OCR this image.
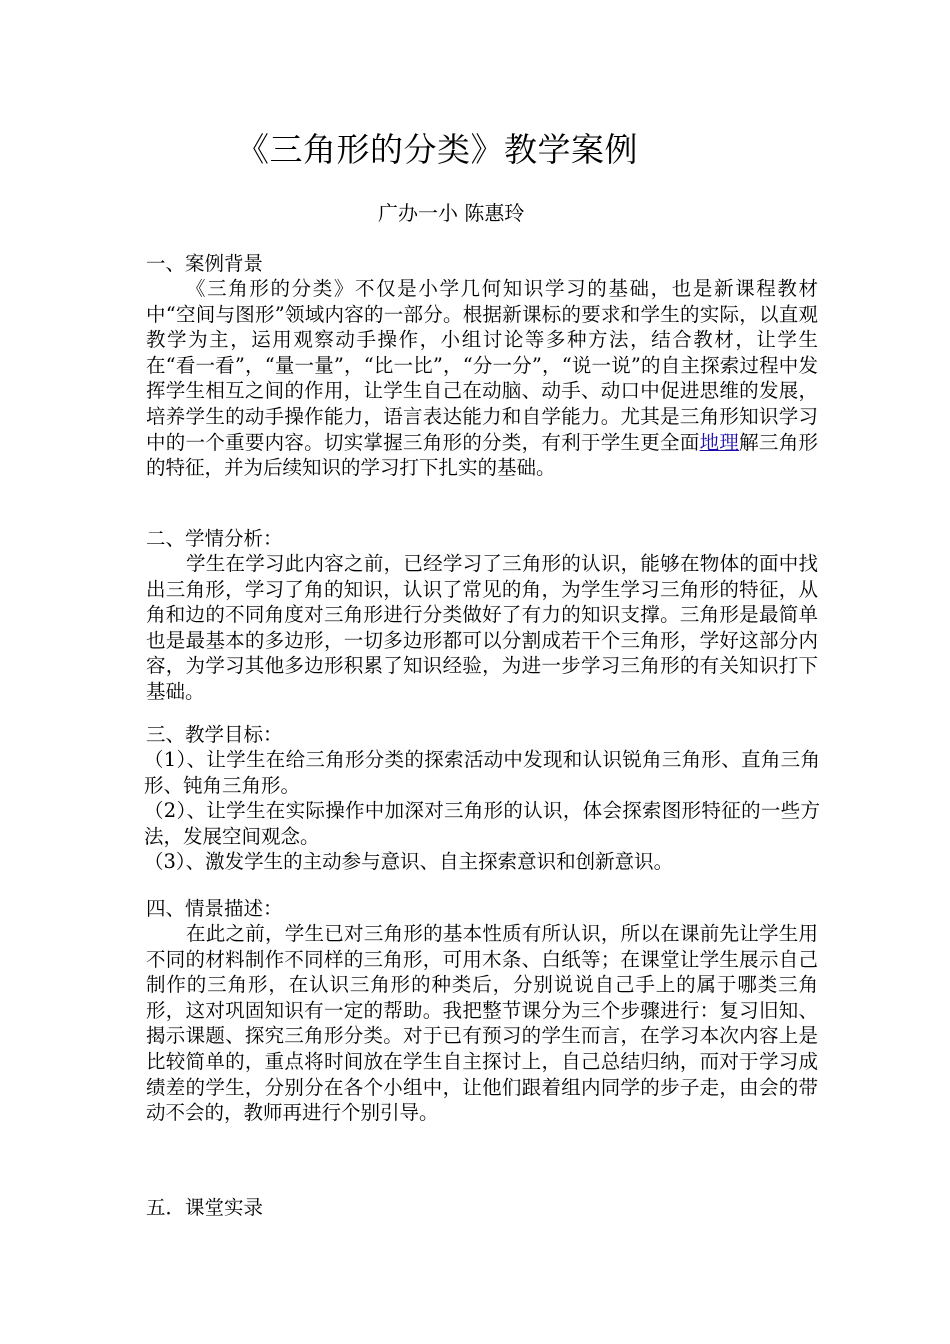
《三角形的分类》教学案例
广办一小 陈惠玲
一、案例背景

《三角形的分类》不仅是小学几何知识学习的基础，也是新课程教材中“空间与图形”领域内容的一部分。根据新课标的要求和学生的实际，以直观教学为主，运用观察动手操作，小组讨论等多种方法，结合教材，让学生在“看一看”，“量一量”，“比一比”，“分一分”，“说一说”的自主探索过程中发挥学生相互之间的作用，让学生自己在动脑、动手、动口中促进思维的发展，培养学生的动手操作能力，语言表达能力和自学能力。尤其是三角形知识学习中的一个重要内容。切实掌握三角形的分类，有利于学生更全面地理解三角形的特征，并为后续知识的学习打下扎实的基础。

二、学情分析：

学生在学习此内容之前，已经学习了三角形的认识，能够在物体的面中找出三角形，学习了角的知识，认识了常见的角，为学生学习三角形的特征，从角和边的不同角度对三角形进行分类做好了有力的知识支撑。三角形是最简单也是最基本的多边形，一切多边形都可以分割成若干个三角形，学好这部分内容，为学习其他多边形积累了知识经验，为进一步学习三角形的有关知识打下基础。

三、教学目标：

（1）、让学生在给三角形分类的探索活动中发现和认识锐角三角形、直角三角形、钝角三角形。

（2）、让学生在实际操作中加深对三角形的认识，体会探索图形特征的一些方法，发展空间观念。

（3）、激发学生的主动参与意识、自主探索意识和创新意识。

四、情景描述：

在此之前，学生已对三角形的基本性质有所认识，所以在课前先让学生用不同的材料制作不同样的三角形，可用木条、白纸等；在课堂让学生展示自己制作的三角形，在认识三角形的种类后，分别说说自己手上的属于哪类三角形，这对巩固知识有一定的帮助。我把整节课分为三个步骤进行：复习旧知、揭示课题、探究三角形分类。对于已有预习的学生而言，在学习本次内容上是比较简单的，重点将时间放在学生自主探讨上，自己总结归纳，而对于学习成绩差的学生，分别分在各个小组中，让他们跟着组内同学的步子走，由会的带动不会的，教师再进行个别引导。

五．课堂实录
